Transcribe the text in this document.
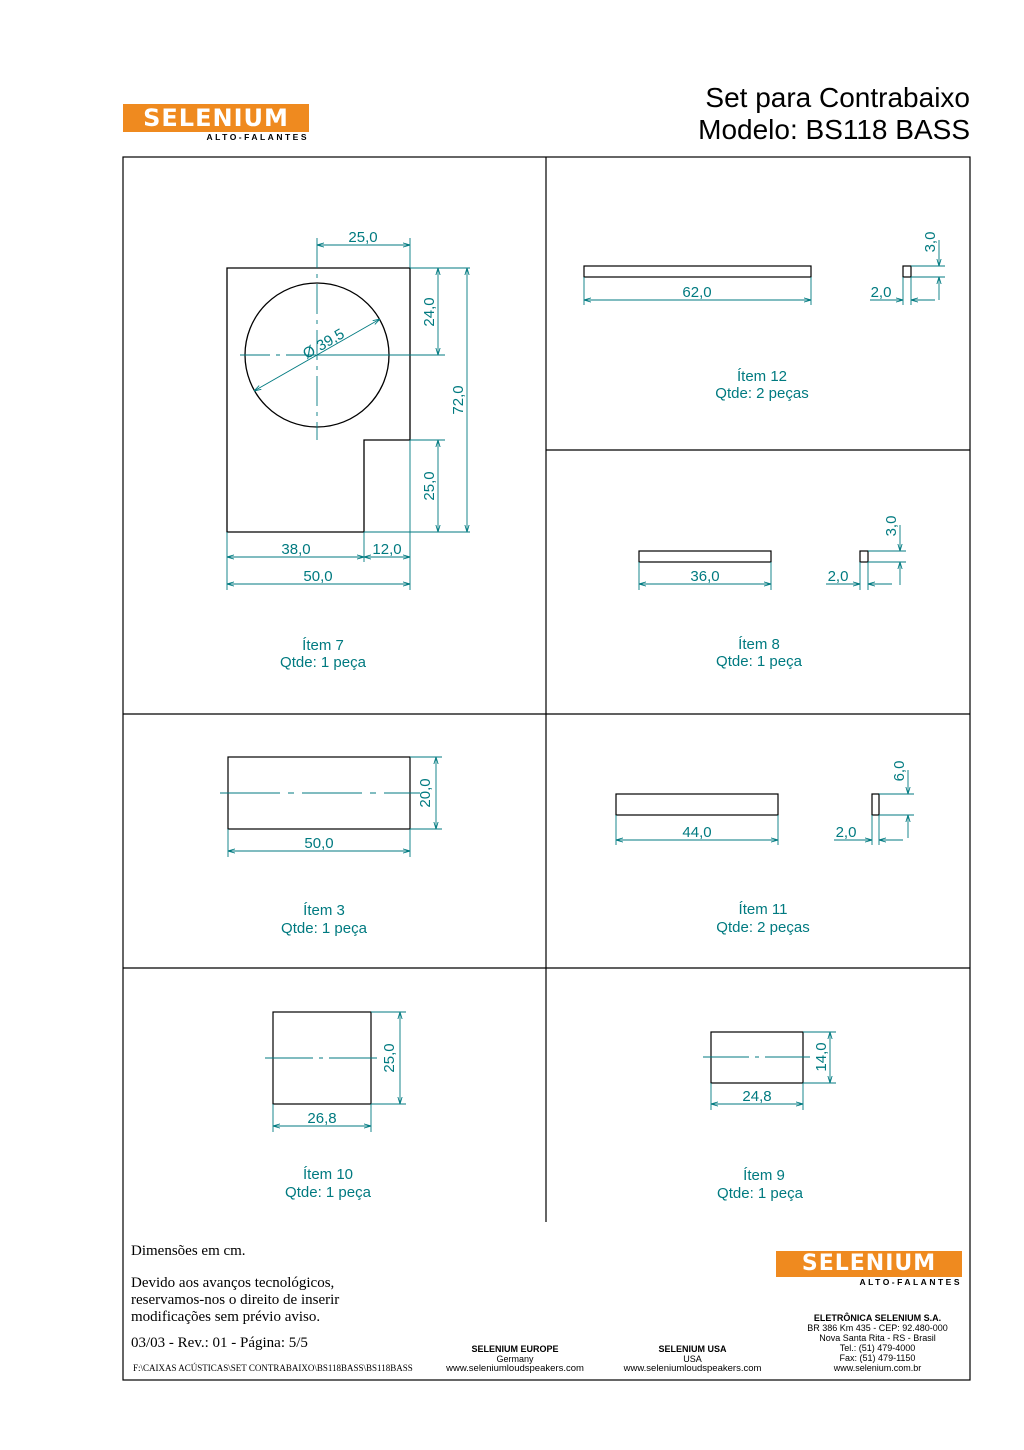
SELENIUM
ALTO-FALANTES
Set para Contrabaixo
Modelo: BS118 BASS
25,0
24,0
72,0
25,0
38,0	12,0
50,0
Ø 39,5
Ítem 7
Qtde: 1 peça
62,0	2,0
3,0
Ítem 12
Qtde: 2 peças
36,0	2,0
3,0
Ítem 8
Qtde: 1 peça
50,0
20,0
Ítem 3
Qtde: 1 peça
44,0	2,0
6,0
Ítem 11
Qtde: 2 peças
26,8
25,0
Ítem 10
Qtde: 1 peça
24,8
14,0
Ítem 9
Qtde: 1 peça
Dimensões em cm.
Devido aos avanços tecnológicos,
reservamos-nos o direito de inserir
modificações sem prévio aviso.
03/03 - Rev.: 01 - Página: 5/5
F:\CAIXAS ACÚSTICAS\SET CONTRABAIXO\BS118BASS\BS118BASS
SELENIUM EUROPE
Germany
www.seleniumloudspeakers.com
SELENIUM USA
USA
www.seleniumloudspeakers.com
SELENIUM
ALTO-FALANTES
ELETRÔNICA SELENIUM S.A.
BR 386 Km 435 - CEP: 92.480-000
Nova Santa Rita - RS - Brasil
Tel.: (51) 479-4000
Fax: (51) 479-1150
www.selenium.com.br
